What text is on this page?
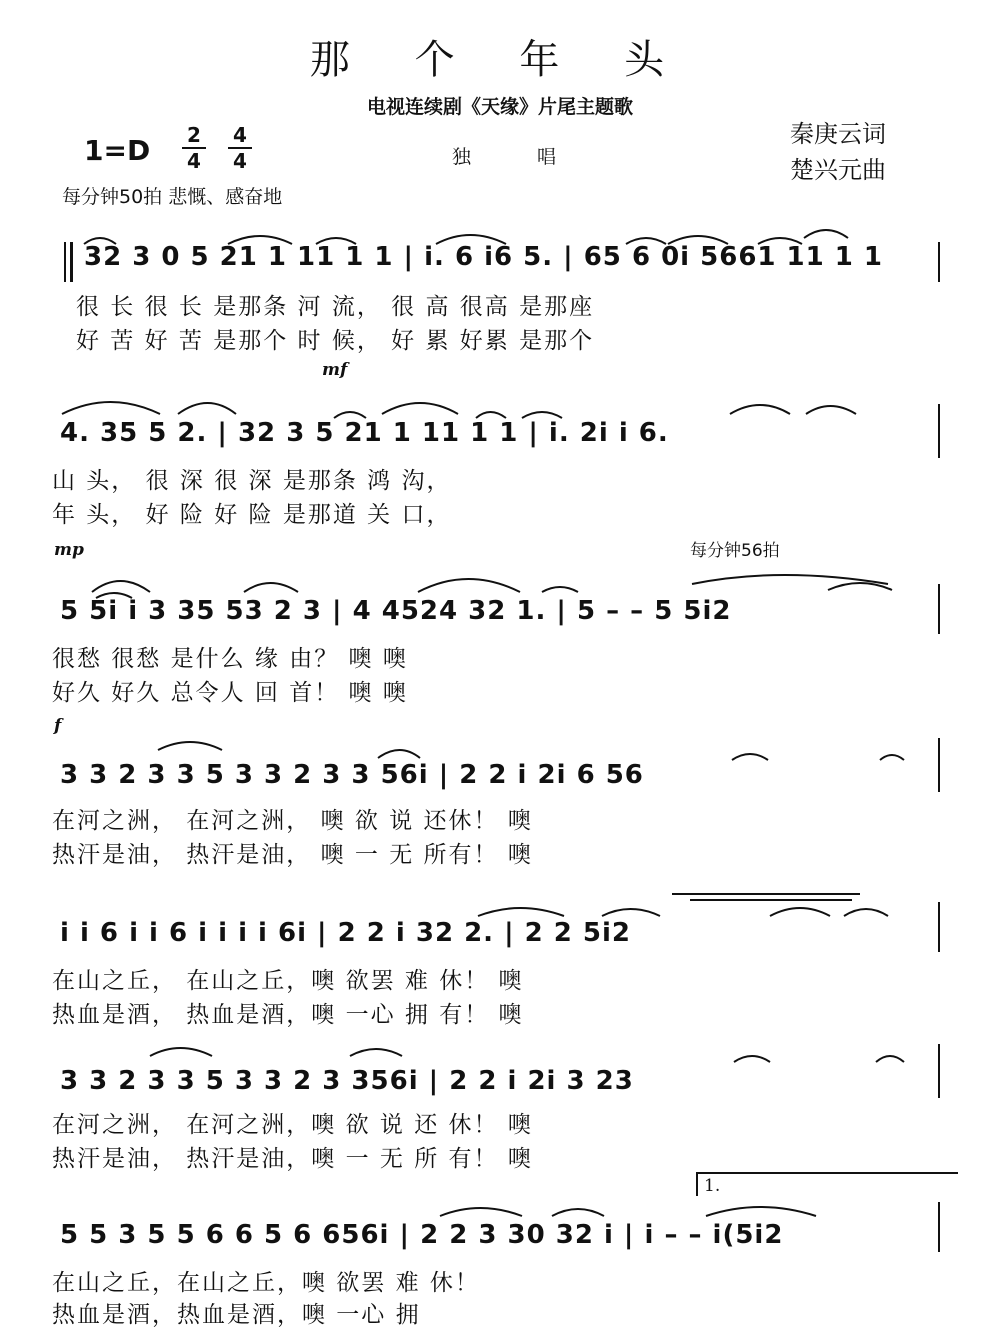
那 个 年 头
电视连续剧《天缘》片尾主题歌
1=D 2
4
4
4	独 唱
秦庚云词
楚兴元曲
每分钟50拍 悲慨、感奋地
每分钟56拍
mf
mp
f
1.
32 3 0 5 21 1 11 1 1 | i. 6 i6 5. | 65 6 0i 5661 11 1 1
很 长 很 长 是那条 河 流， 很 高 很高 是那座
好 苦 好 苦 是那个 时 候， 好 累 好累 是那个
4. 35 5 2. | 32 3 5 21 1 11 1 1 | i. 2i i 6.
山 头， 很 深 很 深 是那条 鸿 沟，
年 头， 好 险 好 险 是那道 关 口，
5 5i i 3 35 53 2 3 | 4 4524 32 1. | 5 – – 5 5i2
很愁 很愁 是什么 缘 由？ 噢 噢
好久 好久 总令人 回 首！ 噢 噢
3 3 2 3 3 5 3 3 2 3 3 56i | 2 2 i 2i 6 56
在河之洲， 在河之洲， 噢 欲 说 还休！ 噢
热汗是油， 热汗是油， 噢 一 无 所有！ 噢
i i 6 i i 6 i i i i 6i | 2 2 i 32 2. | 2 2 5i2
在山之丘， 在山之丘，噢 欲罢 难 休！ 噢
热血是酒， 热血是酒，噢 一心 拥 有！ 噢
3 3 2 3 3 5 3 3 2 3 356i | 2 2 i 2i 3 23
在河之洲， 在河之洲，噢 欲 说 还 休！ 噢
热汗是油， 热汗是油，噢 一 无 所 有！ 噢
5 5 3 5 5 6 6 5 6 656i | 2 2 3 30 32 i | i – – i(5i2
在山之丘，在山之丘，噢 欲罢 难 休！
热血是酒，热血是酒，噢 一心 拥
